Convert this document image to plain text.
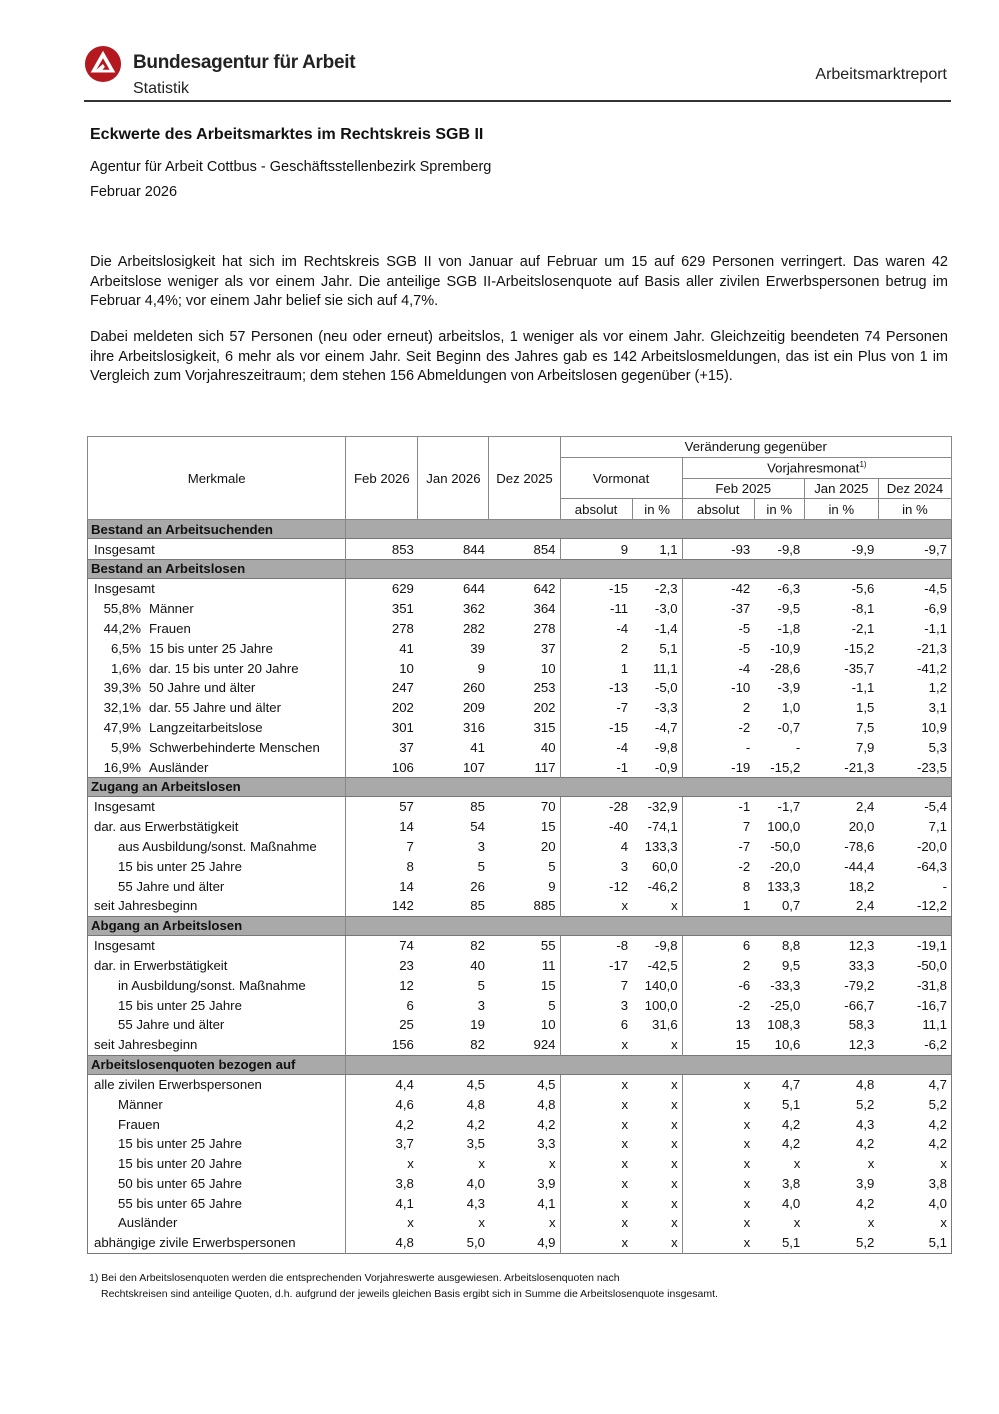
Bundesagentur für Arbeit
Statistik
Arbeitsmarktreport
Eckwerte des Arbeitsmarktes im Rechtskreis SGB II
Agentur für Arbeit Cottbus - Geschäftsstellenbezirk Spremberg
Februar 2026
Die Arbeitslosigkeit hat sich im Rechtskreis SGB II von Januar auf Februar um 15 auf 629 Personen verringert. Das waren 42 Arbeitslose weniger als vor einem Jahr. Die anteilige SGB II-Arbeitslosenquote auf Basis aller zivilen Erwerbspersonen betrug im Februar 4,4%; vor einem Jahr belief sie sich auf 4,7%.
Dabei meldeten sich 57 Personen (neu oder erneut) arbeitslos, 1 weniger als vor einem Jahr. Gleichzeitig beendeten 74 Personen ihre Arbeitslosigkeit, 6 mehr als vor einem Jahr. Seit Beginn des Jahres gab es 142 Arbeitslosmeldungen, das ist ein Plus von 1 im Vergleich zum Vorjahreszeitraum; dem stehen 156 Abmeldungen von Arbeitslosen gegenüber (+15).
Merkmale	Feb 2026	Jan 2026	Dez 2025	Veränderung gegenüber					
				Vormonat		Vorjahresmonat$^{1)}$
						Feb 2025		Jan 2025	Dez 2024
				absolut	in %	absolut	in %	in %	in %
Bestand an Arbeitsuchenden									
Insgesamt	853	844	854	9	1,1	-93	-9,8	-9,9	-9,7
Bestand an Arbeitslosen									
Insgesamt	629	644	642	-15	-2,3	-42	-6,3	-5,6	-4,5
55,8% Männer	351	362	364	-11	-3,0	-37	-9,5	-8,1	-6,9
44,2% Frauen	278	282	278	-4	-1,4	-5	-1,8	-2,1	-1,1
6,5% 15 bis unter 25 Jahre	41	39	37	2	5,1	-5	-10,9	-15,2	-21,3
1,6% dar. 15 bis unter 20 Jahre	10	9	10	1	11,1	-4	-28,6	-35,7	-41,2
39,3% 50 Jahre und älter	247	260	253	-13	-5,0	-10	-3,9	-1,1	1,2
32,1% dar. 55 Jahre und älter	202	209	202	-7	-3,3	2	1,0	1,5	3,1
47,9% Langzeitarbeitslose	301	316	315	-15	-4,7	-2	-0,7	7,5	10,9
5,9% Schwerbehinderte Menschen	37	41	40	-4	-9,8	-	-	7,9	5,3
16,9% Ausländer	106	107	117	-1	-0,9	-19	-15,2	-21,3	-23,5
Zugang an Arbeitslosen									
Insgesamt	57	85	70	-28	-32,9	-1	-1,7	2,4	-5,4
dar. aus Erwerbstätigkeit	14	54	15	-40	-74,1	7	100,0	20,0	7,1
aus Ausbildung/sonst. Maßnahme	7	3	20	4	133,3	-7	-50,0	-78,6	-20,0
15 bis unter 25 Jahre	8	5	5	3	60,0	-2	-20,0	-44,4	-64,3
55 Jahre und älter	14	26	9	-12	-46,2	8	133,3	18,2	-
seit Jahresbeginn	142	85	885	x	x	1	0,7	2,4	-12,2
Abgang an Arbeitslosen									
Insgesamt	74	82	55	-8	-9,8	6	8,8	12,3	-19,1
dar. in Erwerbstätigkeit	23	40	11	-17	-42,5	2	9,5	33,3	-50,0
in Ausbildung/sonst. Maßnahme	12	5	15	7	140,0	-6	-33,3	-79,2	-31,8
15 bis unter 25 Jahre	6	3	5	3	100,0	-2	-25,0	-66,7	-16,7
55 Jahre und älter	25	19	10	6	31,6	13	108,3	58,3	11,1
seit Jahresbeginn	156	82	924	x	x	15	10,6	12,3	-6,2
Arbeitslosenquoten bezogen auf									
alle zivilen Erwerbspersonen	4,4	4,5	4,5	x	x	x	4,7	4,8	4,7
Männer	4,6	4,8	4,8	x	x	x	5,1	5,2	5,2
Frauen	4,2	4,2	4,2	x	x	x	4,2	4,3	4,2
15 bis unter 25 Jahre	3,7	3,5	3,3	x	x	x	4,2	4,2	4,2
15 bis unter 20 Jahre	x	x	x	x	x	x	x	x	x
50 bis unter 65 Jahre	3,8	4,0	3,9	x	x	x	3,8	3,9	3,8
55 bis unter 65 Jahre	4,1	4,3	4,1	x	x	x	4,0	4,2	4,0
Ausländer	x	x	x	x	x	x	x	x	x
abhängige zivile Erwerbspersonen	4,8	5,0	4,9	x	x	x	5,1	5,2	5,1
1) Bei den Arbeitslosenquoten werden die entsprechenden Vorjahreswerte ausgewiesen. Arbeitslosenquoten nach
Rechtskreisen sind anteilige Quoten, d.h. aufgrund der jeweils gleichen Basis ergibt sich in Summe die Arbeitslosenquote insgesamt.
